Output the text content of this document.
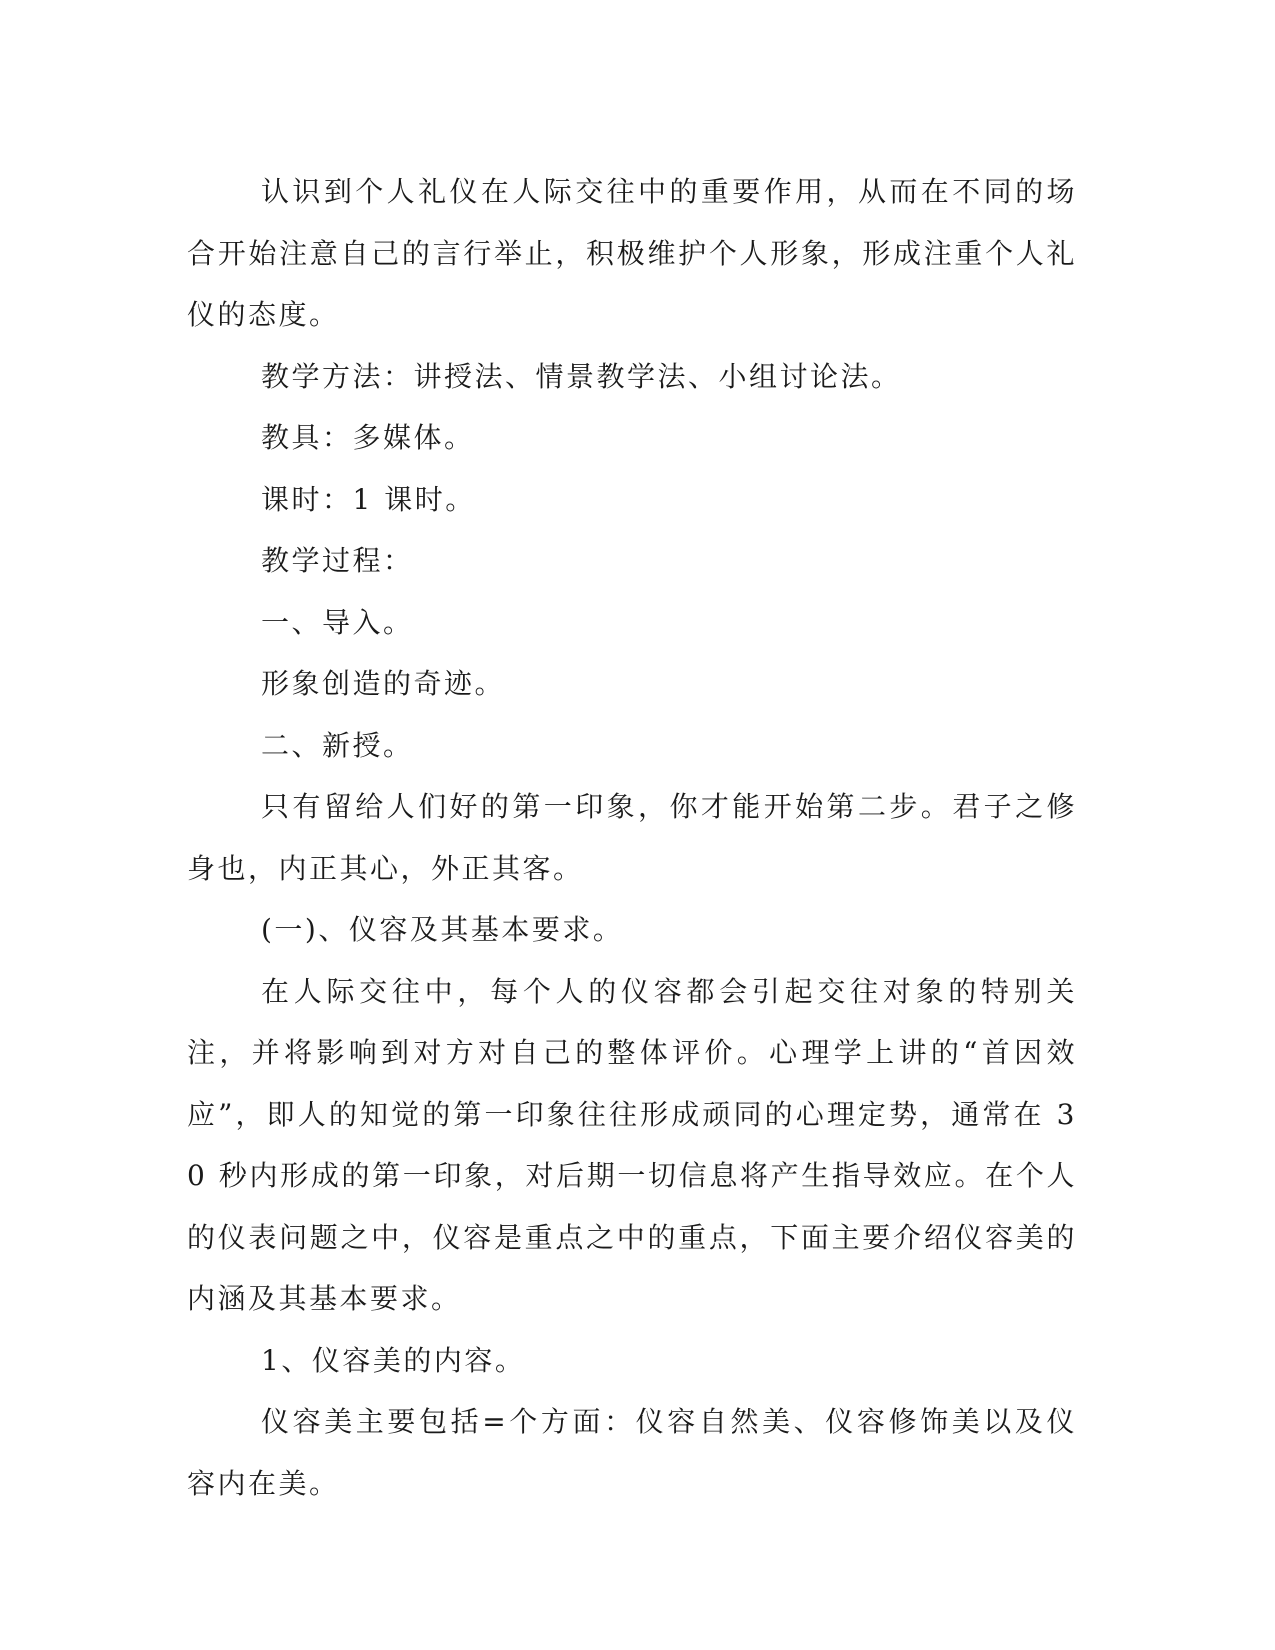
认识到个人礼仪在人际交往中的重要作用，从而在不同的场合开始注意自己的言行举止，积极维护个人形象，形成注重个人礼仪的态度。

教学方法：讲授法、情景教学法、小组讨论法。

教具：多媒体。

课时：1 课时。

教学过程：

一、导入。

形象创造的奇迹。

二、新授。

只有留给人们好的第一印象，你才能开始第二步。君子之修身也，内正其心，外正其客。

(一)、仪容及其基本要求。

在人际交往中，每个人的仪容都会引起交往对象的特别关注，并将影响到对方对自己的整体评价。心理学上讲的“首因效应”，即人的知觉的第一印象往往形成顽同的心理定势，通常在 30 秒内形成的第一印象，对后期一切信息将产生指导效应。在个人的仪表问题之中，仪容是重点之中的重点，下面主要介绍仪容美的内涵及其基本要求。

1、仪容美的内容。

仪容美主要包括=个方面：仪容自然美、仪容修饰美以及仪容内在美。
